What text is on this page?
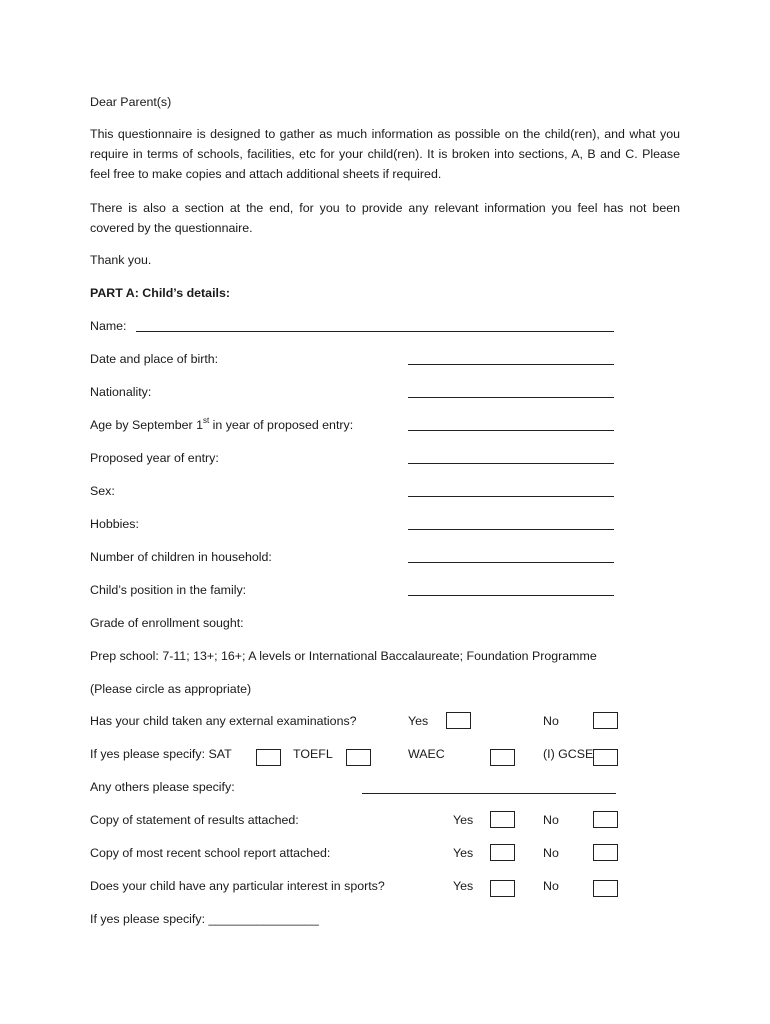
Dear Parent(s)
This questionnaire is designed to gather as much information as possible on the child(ren), and what you
require in terms of schools, facilities, etc for your child(ren). It is broken into sections, A, B and C. Please
feel free to make copies and attach additional sheets if required.
There is also a section at the end, for you to provide any relevant information you feel has not been
covered by the questionnaire.
Thank you.
PART A: Child’s details:
Name:
Date and place of birth:
Nationality:
Age by September 1st in year of proposed entry:
Proposed year of entry:
Sex:
Hobbies:
Number of children in household:
Child’s position in the family:
Grade of enrollment sought:
Prep school: 7-11; 13+; 16+; A levels or International Baccalaureate; Foundation Programme
(Please circle as appropriate)
Has your child taken any external examinations?	Yes	No
If yes please specify: SAT	TOEFL	WAEC	(I) GCSE
Any others please specify:
Copy of statement of results attached:	Yes	No
Copy of most recent school report attached:	Yes	No
Does your child have any particular interest in sports?	Yes	No
If yes please specify: ________________
